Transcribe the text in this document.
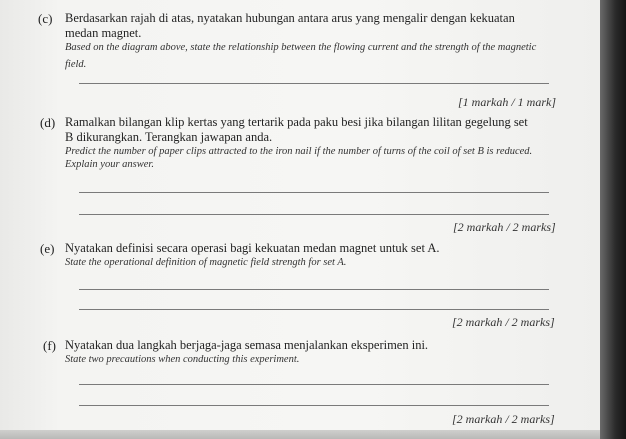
(c) Berdasarkan rajah di atas, nyatakan hubungan antara arus yang mengalir dengan kekuatan
medan magnet.
Based on the diagram above, state the relationship between the flowing current and the strength of the magnetic
field.
[1 markah / 1 mark]
(d) Ramalkan bilangan klip kertas yang tertarik pada paku besi jika bilangan lilitan gegelung set
B dikurangkan. Terangkan jawapan anda.
Predict the number of paper clips attracted to the iron nail if the number of turns of the coil of set B is reduced.
Explain your answer.
[2 markah / 2 marks]
(e) Nyatakan definisi secara operasi bagi kekuatan medan magnet untuk set A.
State the operational definition of magnetic field strength for set A.
[2 markah / 2 marks]
(f) Nyatakan dua langkah berjaga-jaga semasa menjalankan eksperimen ini.
State two precautions when conducting this experiment.
[2 markah / 2 marks]
